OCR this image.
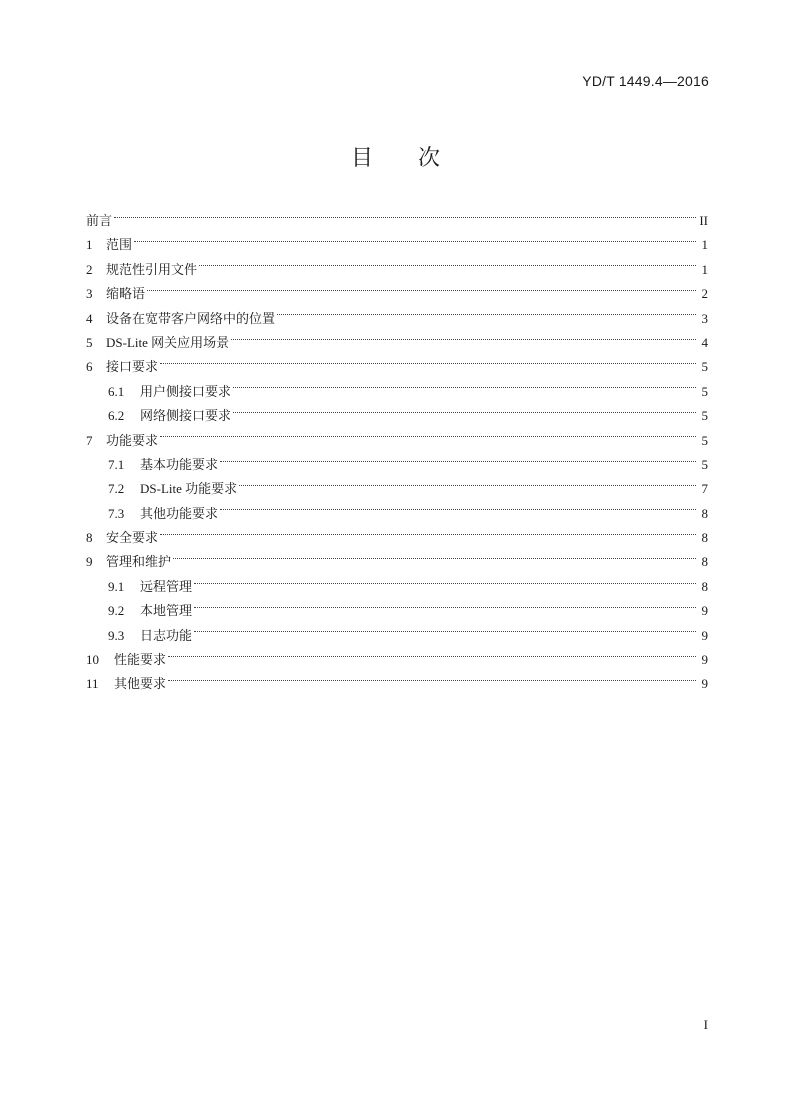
YD/T 1449.4—2016
目 次
前言	II
1	范围	1
2	规范性引用文件	1
3	缩略语	2
4	设备在宽带客户网络中的位置	3
5	DS-Lite 网关应用场景	4
6	接口要求	5
6.1	用户侧接口要求	5
6.2	网络侧接口要求	5
7	功能要求	5
7.1	基本功能要求	5
7.2	DS-Lite 功能要求	7
7.3	其他功能要求	8
8	安全要求	8
9	管理和维护	8
9.1	远程管理	8
9.2	本地管理	9
9.3	日志功能	9
10	性能要求	9
11	其他要求	9
I
